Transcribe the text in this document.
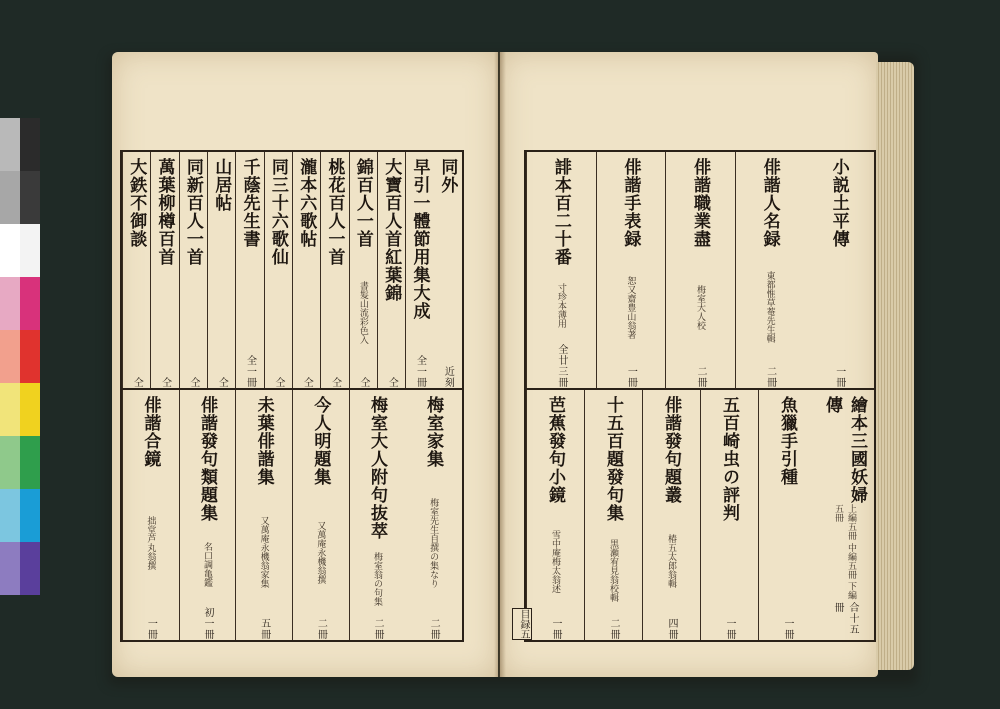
同外
近刻
早引一體節用集大成
全一冊
大寶百人首紅葉錦
仝
錦百人一首
書髮山流彩色入
仝
桃花百人一首
仝
瀧本六歌帖
仝
同三十六歌仙
仝
千蔭先生書
全一冊
山居帖
仝
同新百人一首
仝
萬葉柳樽百首
仝
大鉄不御談
仝
梅室家集
梅室先生自撰の集なり
二冊
梅室大人附句抜萃
梅室翁の句集
二冊
今人明題集
又萬庵永機翁撰
二冊
未葉俳諧集
又萬庵永機翁家集
五冊
俳諧發句類題集
名口調亀鑑
初一冊
俳諧合鏡
拙堂芦丸翁撰
一冊
小説土平傳
一冊
俳諧人名録
東都惟草菴先生輯
二冊
俳諧職業盡
梅室大人校
二冊
俳諧手表録
恕又齋豊山翁著
一冊
誹本百二十番
寸珍本薄用
全廿三冊
繪本三國妖婦傳
上編五冊 中編五冊 下編五冊
合十五冊
魚獵手引種
一冊
五百崎虫の評判
一冊
俳諧發句題叢
椿五太郎翁輯
四冊
十五百題發句集
黒瀬宥見翁校輯
二冊
芭蕉發句小鏡
雪中庵梅太翁述
一冊
目録五
